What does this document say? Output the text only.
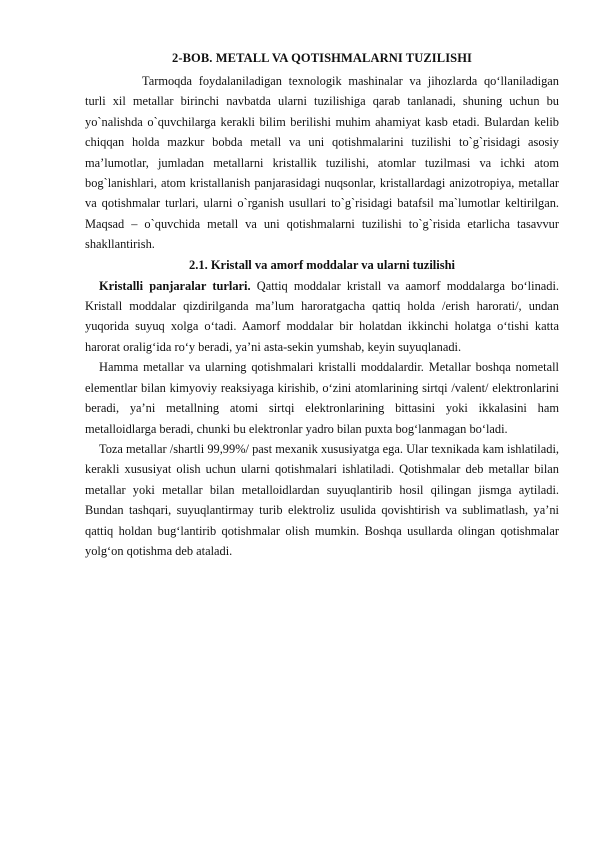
2-BOB. METALL VA QOTISHMALARNI TUZILISHI

Tarmoqda foydalaniladigan texnologik mashinalar va jihozlarda qo‘llaniladigan turli xil metallar birinchi navbatda ularni tuzilishiga qarab tanlanadi, shuning uchun bu yo`nalishda o`quvchilarga kerakli bilim berilishi muhim ahamiyat kasb etadi. Bulardan kelib chiqqan holda mazkur bobda metall va uni qotishmalarini tuzilishi to`g`risidagi asosiy ma’lumotlar, jumladan metallarni kristallik tuzilishi, atomlar tuzilmasi va ichki atom bog`lanishlari, atom kristallanish panjarasidagi nuqsonlar, kristallardagi anizotropiya, metallar va qotishmalar turlari, ularni o`rganish usullari to`g`risidagi batafsil ma`lumotlar keltirilgan. Maqsad – o`quvchida metall va uni qotishmalarni tuzilishi to`g`risida etarlicha tasavvur shakllantirish.

2.1. Kristall va amorf moddalar va ularni tuzilishi

Kristalli panjaralar turlari. Qattiq moddalar kristall va aamorf moddalarga bo‘linadi. Kristall moddalar qizdirilganda ma’lum haroratgacha qattiq holda /erish harorati/, undan yuqorida suyuq xolga o‘tadi. Aamorf moddalar bir holatdan ikkinchi holatga o‘tishi katta harorat oralig‘ida ro‘y beradi, ya’ni asta-sekin yumshab, keyin suyuqlanadi.

Hamma metallar va ularning qotishmalari kristalli moddalardir. Metallar boshqa nometall elementlar bilan kimyoviy reaksiyaga kirishib, o‘zini atomlarining sirtqi /valent/ elektronlarini beradi, ya’ni metallning atomi sirtqi elektronlarining bittasini yoki ikkalasini ham metalloidlarga beradi, chunki bu elektronlar yadro bilan puxta bog‘lanmagan bo‘ladi.

Toza metallar /shartli 99,99%/ past mexanik xususiyatga ega. Ular texnikada kam ishlatiladi, kerakli xususiyat olish uchun ularni qotishmalari ishlatiladi. Qotishmalar deb metallar bilan metallar yoki metallar bilan metalloidlardan suyuqlantirib hosil qilingan jismga aytiladi. Bundan tashqari, suyuqlantirmay turib elektroliz usulida qovishtirish va sublimatlash, ya’ni qattiq holdan bug‘lantirib qotishmalar olish mumkin. Boshqa usullarda olingan qotishmalar yolg‘on qotishma deb ataladi.
